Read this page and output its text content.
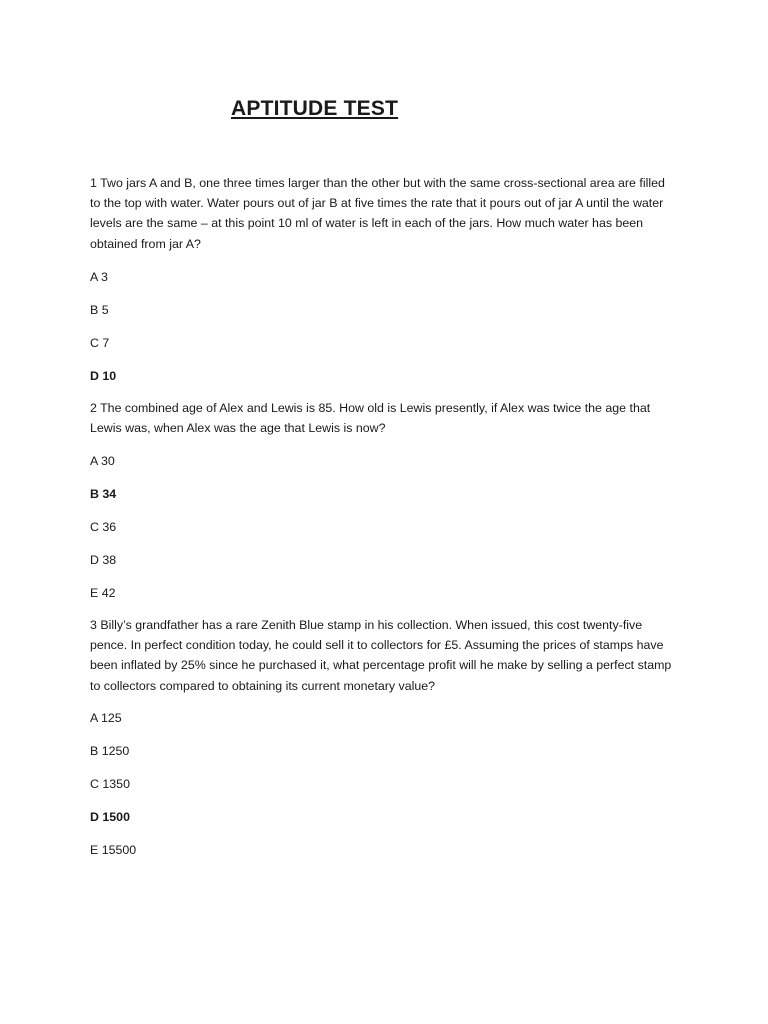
APTITUDE TEST

1 Two jars A and B, one three times larger than the other but with the same cross-sectional area are filled to the top with water. Water pours out of jar B at five times the rate that it pours out of jar A until the water levels are the same – at this point 10 ml of water is left in each of the jars. How much water has been obtained from jar A?

A 3
B 5
C 7
D 10

2 The combined age of Alex and Lewis is 85. How old is Lewis presently, if Alex was twice the age that Lewis was, when Alex was the age that Lewis is now?

A 30
B 34
C 36
D 38
E 42

3 Billy’s grandfather has a rare Zenith Blue stamp in his collection. When issued, this cost twenty-five pence. In perfect condition today, he could sell it to collectors for £5. Assuming the prices of stamps have been inflated by 25% since he purchased it, what percentage profit will he make by selling a perfect stamp to collectors compared to obtaining its current monetary value?

A 125
B 1250
C 1350
D 1500
E 15500
